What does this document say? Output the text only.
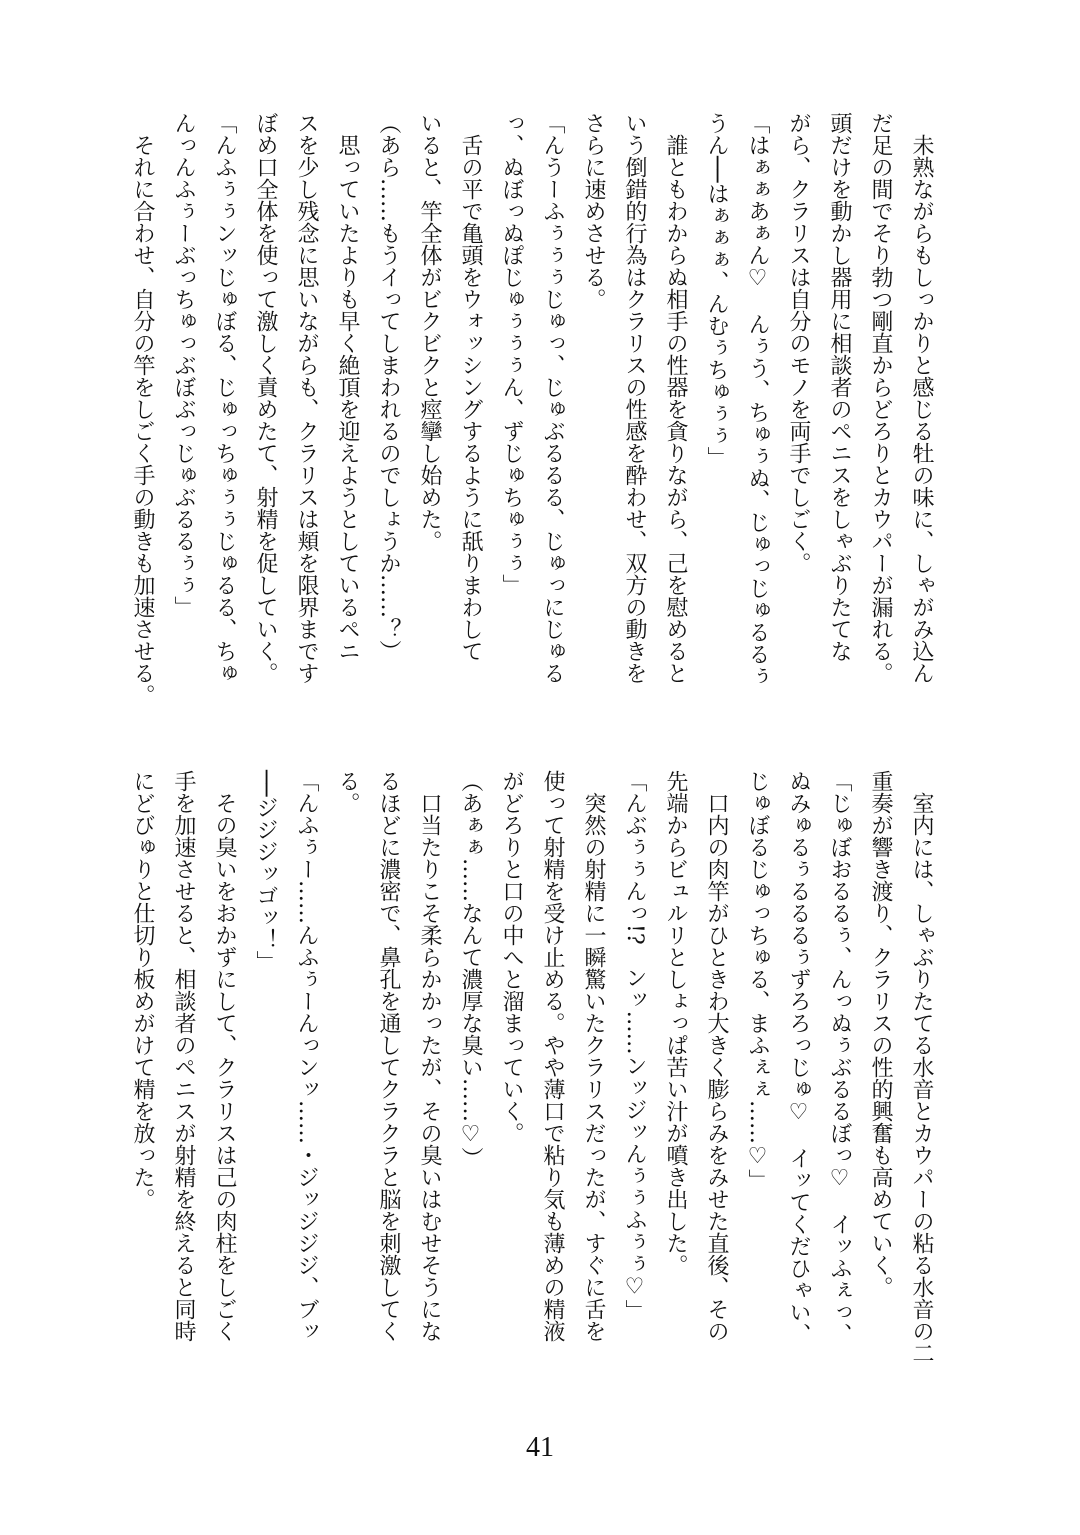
　未熟ながらもしっかりと感じる牡の味に、しゃがみ込ん
だ足の間でそり勃つ剛直からどろりとカウパーが漏れる。
頭だけを動かし器用に相談者のペニスをしゃぶりたてな
がら、クラリスは自分のモノを両手でしごく。
「はぁぁあぁん♡　んぅう、ちゅぅぬ、じゅっじゅるるぅ
うん──はぁぁぁ、んむぅちゅぅぅ」
　誰ともわからぬ相手の性器を貪りながら、己を慰めると
いう倒錯的行為はクラリスの性感を酔わせ、双方の動きを
さらに速めさせる。
「んうーふぅぅぅじゅっ、じゅぶるるる、じゅっにじゅる
っ、ぬぼっぬぽじゅぅぅぅん、ずじゅちゅぅぅ」
　舌の平で亀頭をウォッシングするように舐りまわして
いると、竿全体がビクビクと痙攣し始めた。
（あら……もうイってしまわれるのでしょうか……？）
　思っていたよりも早く絶頂を迎えようとしているペニ
スを少し残念に思いながらも、クラリスは頬を限界まです
ぼめ口全体を使って激しく責めたて、射精を促していく。
「んふぅぅンッじゅぼる、じゅっちゅぅぅじゅるる、ちゅ
んっんふぅーぶっちゅっぶぼぶっじゅぶるるぅぅ」
　それに合わせ、自分の竿をしごく手の動きも加速させる。
　室内には、しゃぶりたてる水音とカウパーの粘る水音の二
重奏が響き渡り、クラリスの性的興奮も高めていく。
「じゅぼおるるぅ、んっぬぅぶるるぼっ♡　イッふぇっ、
ぬみゅるぅるるるぅずろろっじゅ♡　イッてくだひゃい、
じゅぼるじゅっちゅる、まふぇぇ……♡」
　口内の肉竿がひときわ大きく膨らみをみせた直後、その
先端からビュルリとしょっぱ苦い汁が噴き出した。
「んぶぅぅんっ!?　ンッ……ンッジッんぅぅふぅぅ♡」
　突然の射精に一瞬驚いたクラリスだったが、すぐに舌を
使って射精を受け止める。やや薄口で粘り気も薄めの精液
がどろりと口の中へと溜まっていく。
（あぁぁ……なんて濃厚な臭い……♡）
　口当たりこそ柔らかかったが、その臭いはむせそうにな
るほどに濃密で、鼻孔を通してクラクラと脳を刺激してく
る。
「んふぅー……んふぅーんっンッ……・ジッジジジ、ブッ
──ジジジッゴッ！」
　その臭いをおかずにして、クラリスは己の肉柱をしごく
手を加速させると、相談者のペニスが射精を終えると同時
にどびゅりと仕切り板めがけて精を放った。
41
